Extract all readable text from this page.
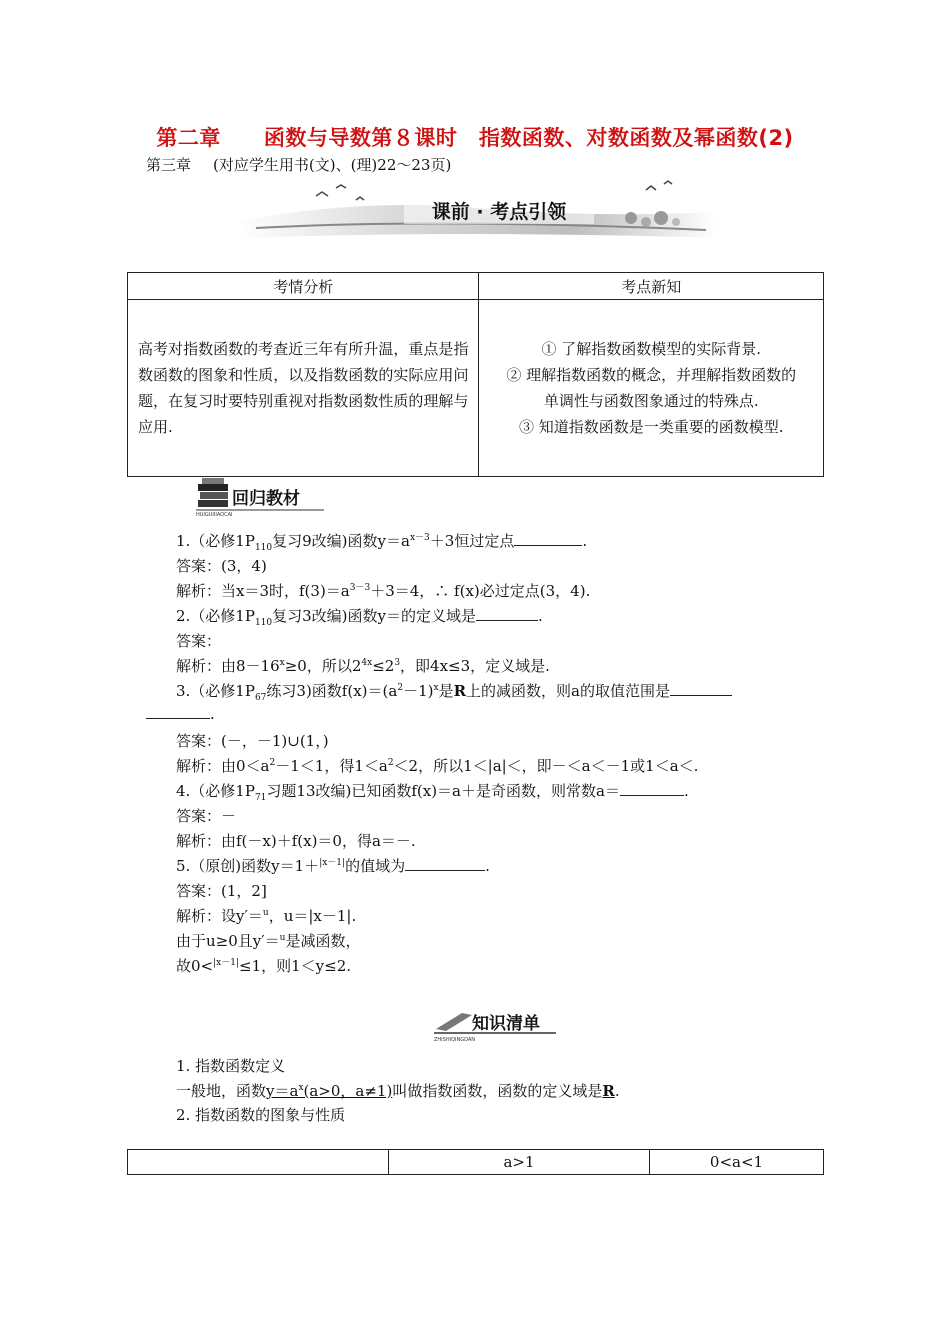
第二章　　函数与导数第８课时　指数函数、对数函数及幂函数(2)
第三章 (对应学生用书(文)、(理)22～23页)
课前 · 考点引领
考情分析	考点新知
高考对指数函数的考查近三年有所升温，重点是指数函数的图象和性质，以及指数函数的实际应用问题，在复习时要特别重视对指数函数性质的理解与应用.	① 了解指数函数模型的实际背景.
② 理解指数函数的概念，并理解指数函数的
单调性与函数图象通过的特殊点.
③ 知道指数函数是一类重要的函数模型.
回归教材
HUIGUIJIAOCAI
1.（必修$1P_{110}$复习9改编)函数$y=a^{x-3}+3$恒过定点	.
答案：(3，4)
解析：当x＝3时，$f(3)=a^{3-3}+3=4$，∴ f(x)必过定点(3，4).
2.（必修$1P_{110}$复习3改编)函数y＝的定义域是	.
答案：
解析：由$8-16^x\ge 0$，所以$2^{4x}\le 2^3$，即4x≤3，定义域是.
3.（必修$1P_{67}$练习3)函数$f(x)=(a^2-1)^x$是R上的减函数，则a的取值范围是
.
答案：(－，－1)∪(1，)
解析：由$0<a^2-1<1$，得$1<a^2<2$，所以1＜|a|＜，即－＜a＜－1或1＜a＜.
4.（必修$1P_{71}$习题13改编)已知函数f(x)＝a＋是奇函数，则常数a＝	.
答案：－
解析：由f(－x)＋f(x)＝0，得a＝－.
5.（原创)函数y＝1＋$^{|x-1|}$的值域为	.
答案：(1，2]
解析：设y′＝$^u$，u＝|x－1|.
由于u≥0且y′＝$^u$是减函数，
故0<$^{|x-1|}$≤1，则1＜y≤2.
知识清单
ZHISHIQINGDAN
1. 指数函数定义
一般地，函数$y=a^x(a>0$，a≠1)叫做指数函数，函数的定义域是R.
2. 指数函数的图象与性质
	a>1	0<a<1
